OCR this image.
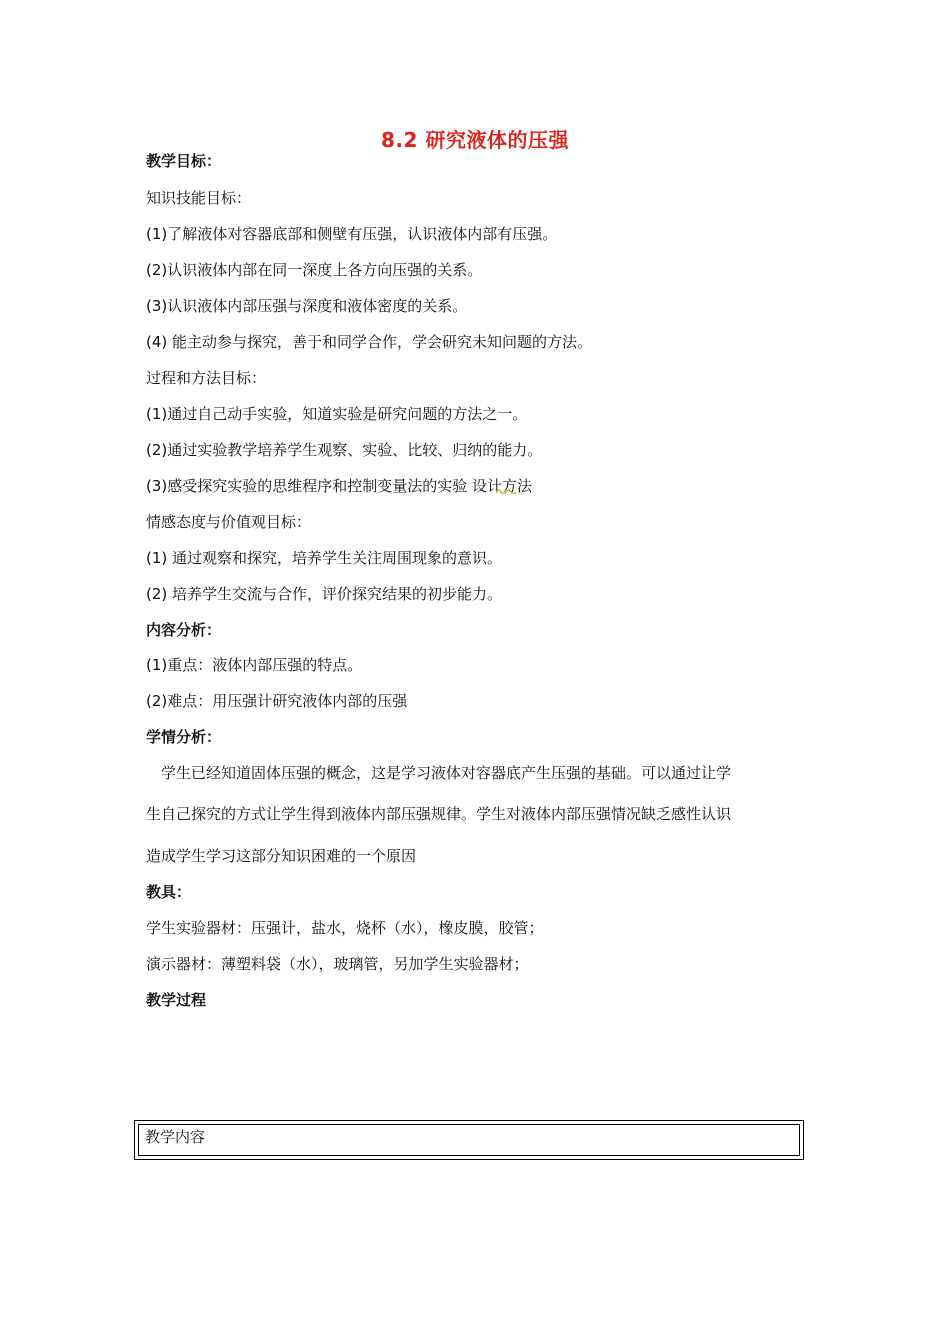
8.2 研究液体的压强
教学目标：
知识技能目标：
(1)了解液体对容器底部和侧壁有压强，认识液体内部有压强。
(2)认识液体内部在同一深度上各方向压强的关系。
(3)认识液体内部压强与深度和液体密度的关系。
(4) 能主动参与探究，善于和同学合作，学会研究未知问题的方法。
过程和方法目标：
(1)通过自己动手实验，知道实验是研究问题的方法之一。
(2)通过实验教学培养学生观察、实验、比较、归纳的能力。
(3)感受探究实验的思维程序和控制变量法的实验 设计方法
情感态度与价值观目标：
(1) 通过观察和探究，培养学生关注周围现象的意识。
(2) 培养学生交流与合作，评价探究结果的初步能力。
内容分析：
(1)重点：液体内部压强的特点。
(2)难点：用压强计研究液体内部的压强
学情分析：
　学生已经知道固体压强的概念，这是学习液体对容器底产生压强的基础。可以通过让学
生自己探究的方式让学生得到液体内部压强规律。学生对液体内部压强情况缺乏感性认识
造成学生学习这部分知识困难的一个原因
教具：
学生实验器材：压强计，盐水，烧杯（水），橡皮膜，胶管；
演示器材：薄塑料袋（水），玻璃管，另加学生实验器材；
教学过程
教学内容
